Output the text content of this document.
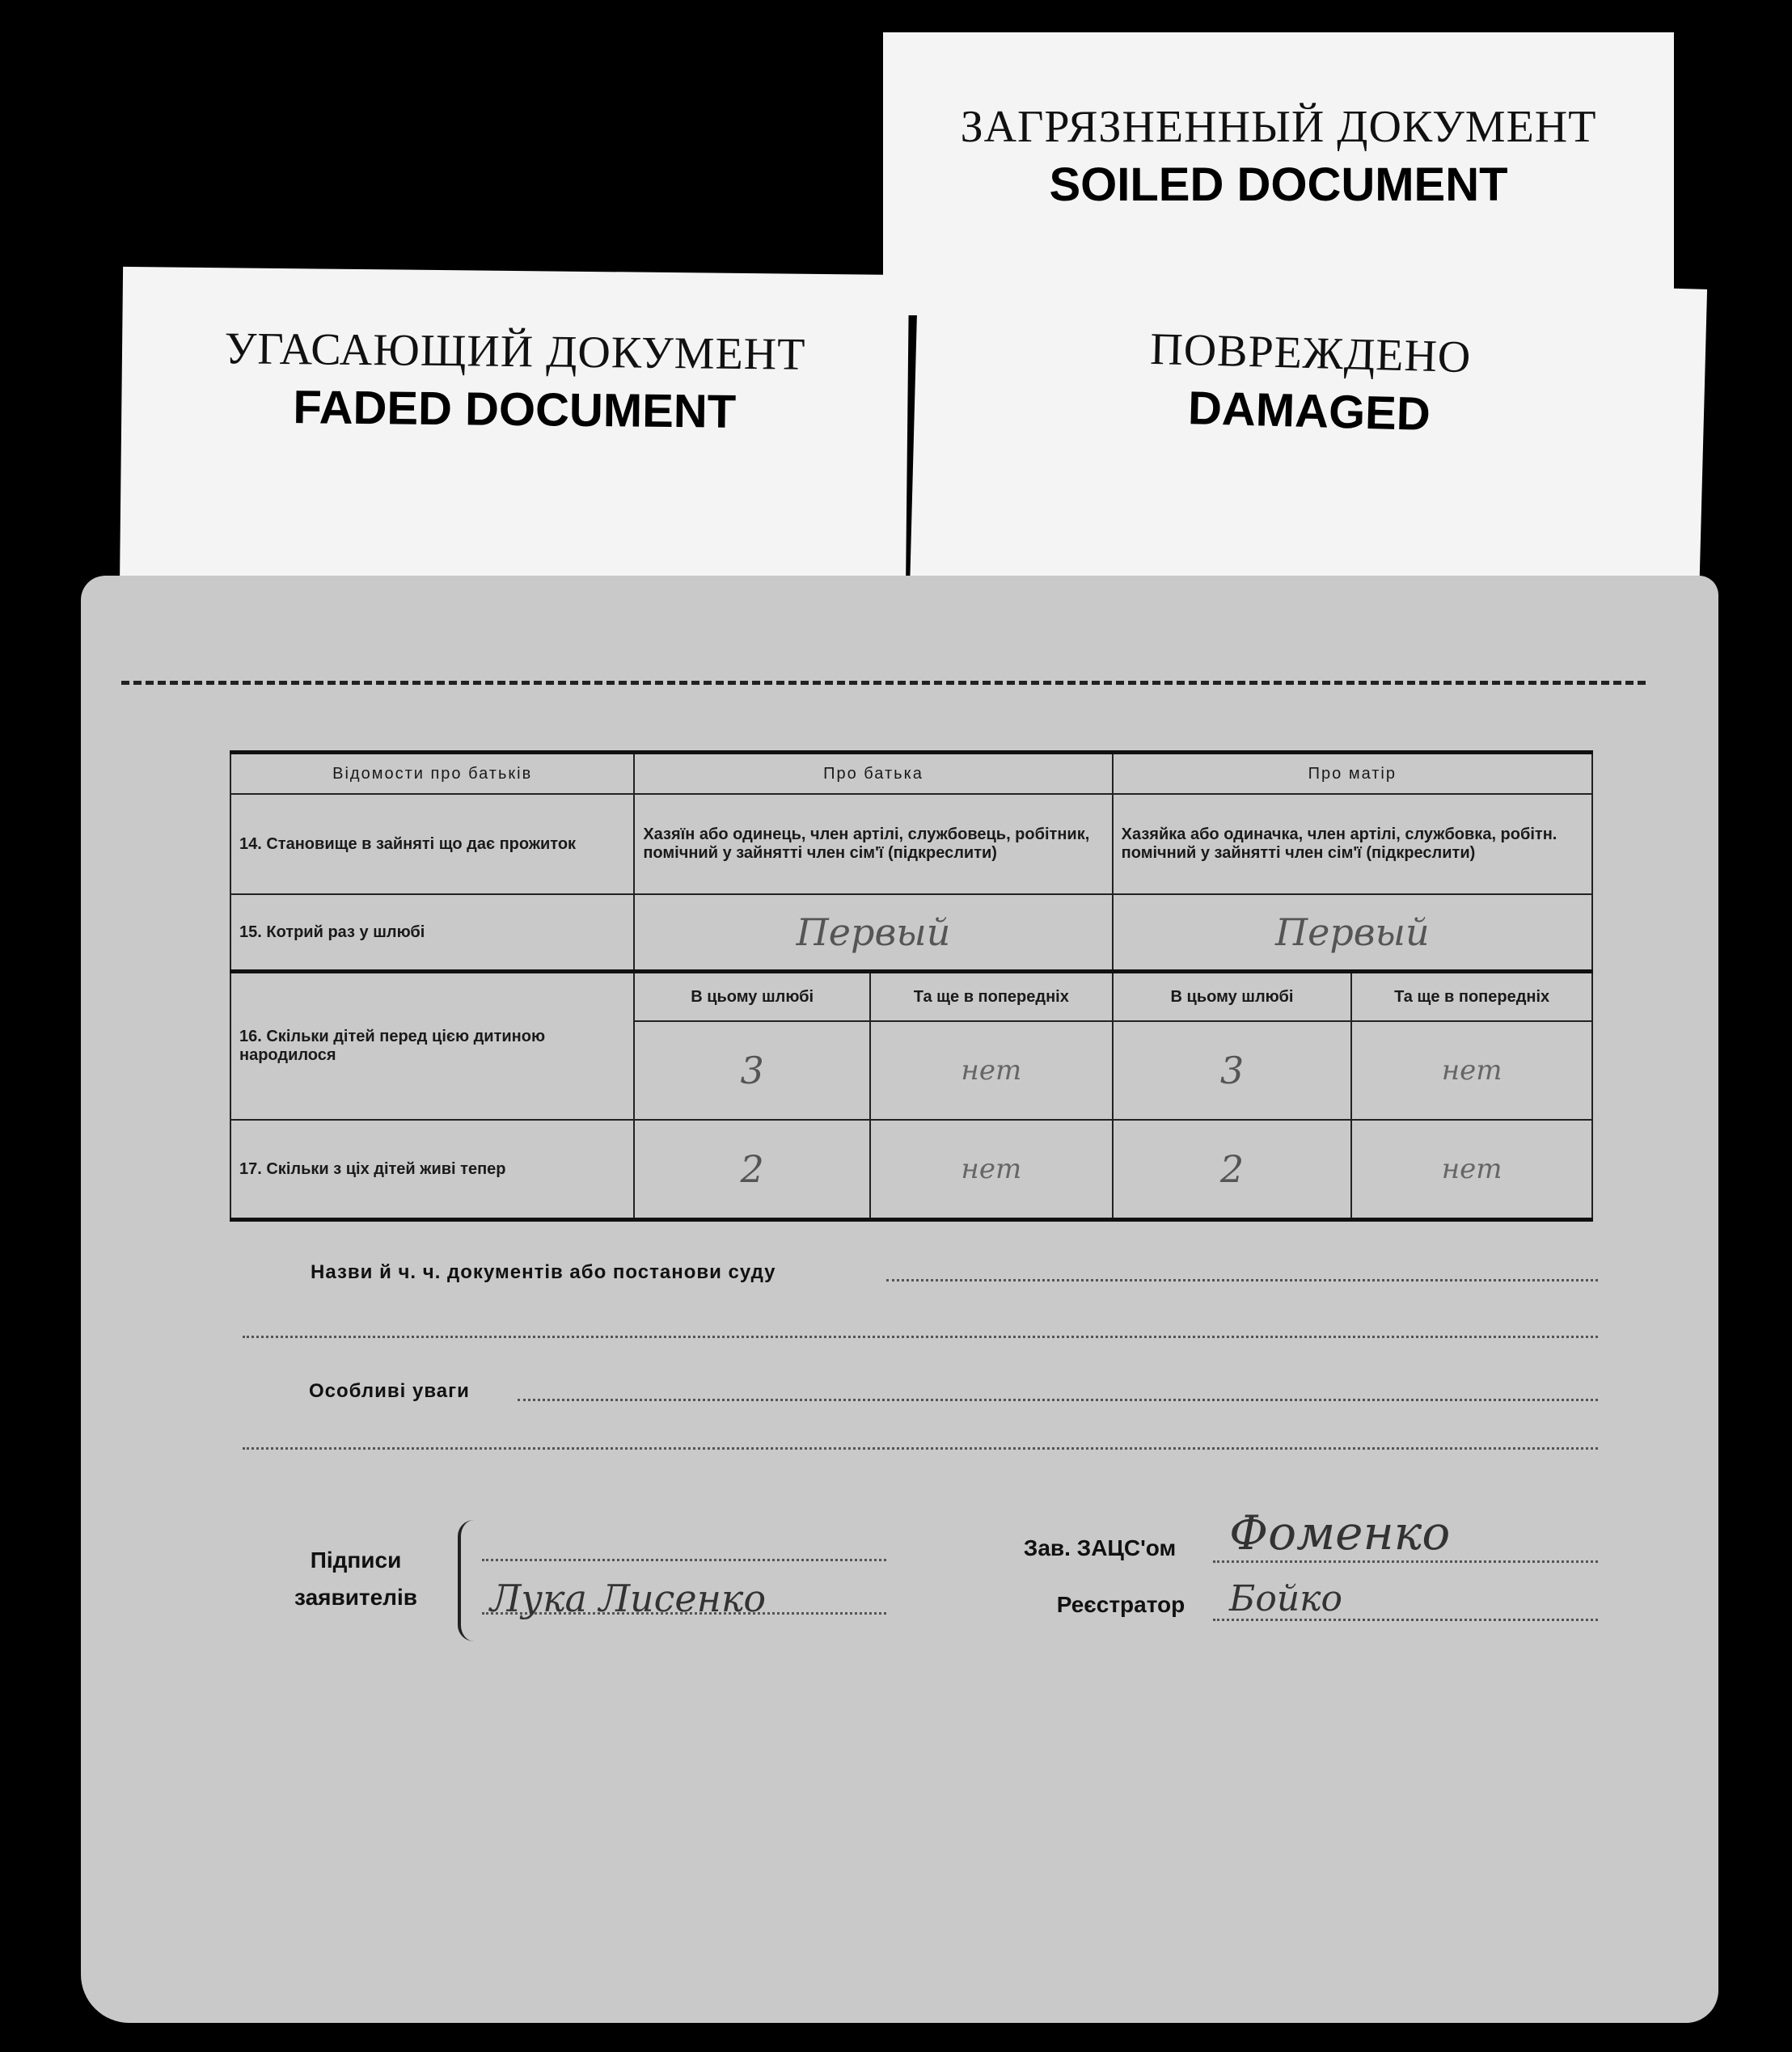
ЗАГРЯЗНЕННЫЙ ДОКУМЕНТ
SOILED DOCUMENT
УГАСАЮЩИЙ ДОКУМЕНТ
FADED DOCUMENT
ПОВРЕЖДЕНО
DAMAGED
Відомости про батьків	Про батька		Про матір	
14. Становище в зайняті що дає прожиток	Хазяїн або одинець, член артілі, службовець, робітник, помічний у зайнятті член сім'ї (підкреслити)		Хазяйка або одиначка, член артілі, службовка, робітн. помічний у зайнятті член сім'ї (підкреслити)	
15. Котрий раз у шлюбі	Первый		Первый	
16. Скільки дітей перед цією дитиною народилося	В цьому шлюбі	Та ще в попередніх	В цьому шлюбі	Та ще в попередніх
	3	нет	3	нет
17. Скільки з ціх дітей живі тепер	2	нет	2	нет
Назви й ч. ч. документів або постанови суду
Особливі уваги
Підписи заявителів Лука Лисенко
Зав. ЗАЦС'ом	Фоменко
Реєстратор	Бойко
